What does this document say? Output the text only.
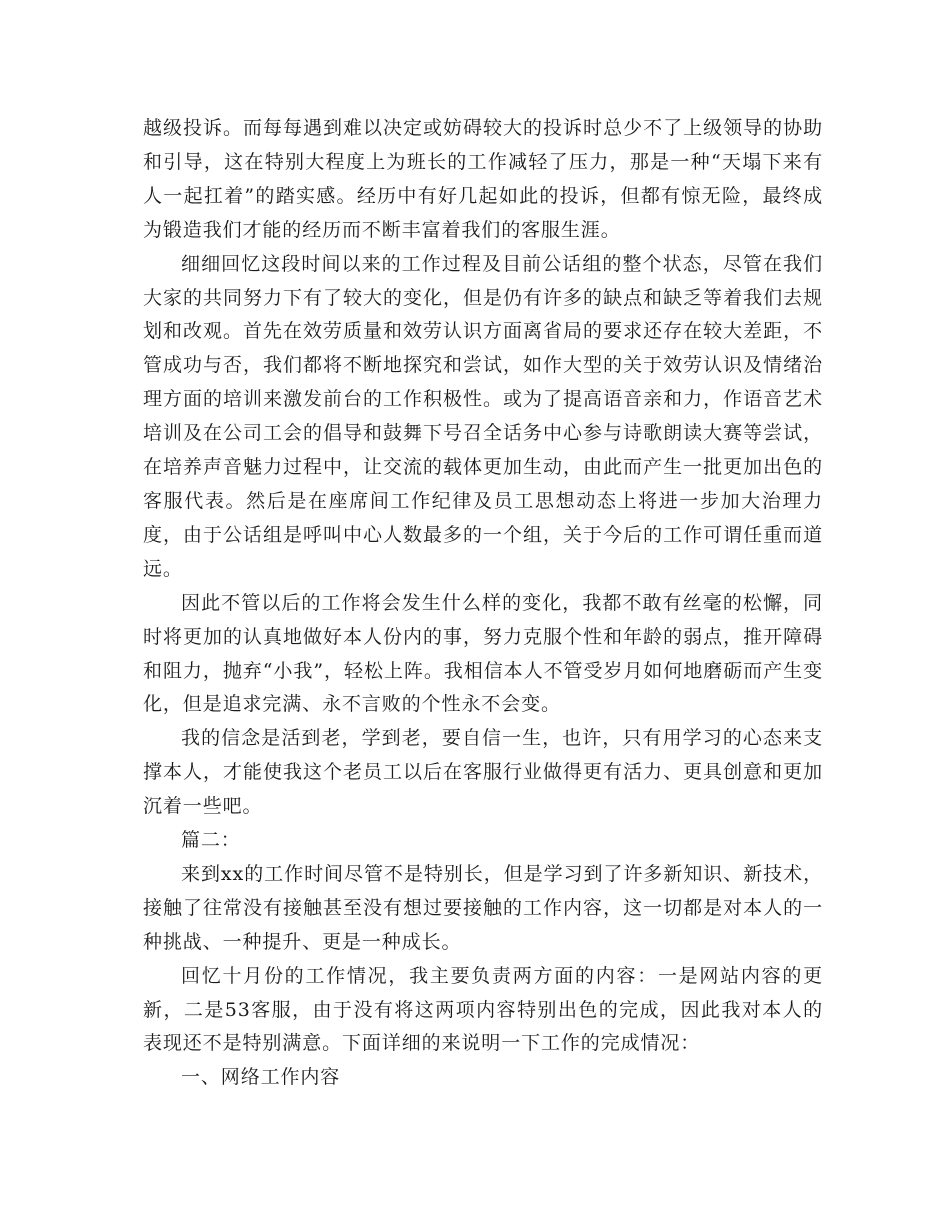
越级投诉。而每每遇到难以决定或妨碍较大的投诉时总少不了上级领导的协助和引导，这在特别大程度上为班长的工作减轻了压力，那是一种“天塌下来有人一起扛着”的踏实感。经历中有好几起如此的投诉，但都有惊无险，最终成为锻造我们才能的经历而不断丰富着我们的客服生涯。

细细回忆这段时间以来的工作过程及目前公话组的整个状态，尽管在我们大家的共同努力下有了较大的变化，但是仍有许多的缺点和缺乏等着我们去规划和改观。首先在效劳质量和效劳认识方面离省局的要求还存在较大差距，不管成功与否，我们都将不断地探究和尝试，如作大型的关于效劳认识及情绪治理方面的培训来激发前台的工作积极性。或为了提高语音亲和力，作语音艺术培训及在公司工会的倡导和鼓舞下号召全话务中心参与诗歌朗读大赛等尝试，在培养声音魅力过程中，让交流的载体更加生动，由此而产生一批更加出色的客服代表。然后是在座席间工作纪律及员工思想动态上将进一步加大治理力度，由于公话组是呼叫中心人数最多的一个组，关于今后的工作可谓任重而道远。

因此不管以后的工作将会发生什么样的变化，我都不敢有丝毫的松懈，同时将更加的认真地做好本人份内的事，努力克服个性和年龄的弱点，推开障碍和阻力，抛弃“小我”，轻松上阵。我相信本人不管受岁月如何地磨砺而产生变化，但是追求完满、永不言败的个性永不会变。

我的信念是活到老，学到老，要自信一生，也许，只有用学习的心态来支撑本人，才能使我这个老员工以后在客服行业做得更有活力、更具创意和更加沉着一些吧。

篇二：

来到xx的工作时间尽管不是特别长，但是学习到了许多新知识、新技术，接触了往常没有接触甚至没有想过要接触的工作内容，这一切都是对本人的一种挑战、一种提升、更是一种成长。

回忆十月份的工作情况，我主要负责两方面的内容：一是网站内容的更新，二是53客服，由于没有将这两项内容特别出色的完成，因此我对本人的表现还不是特别满意。下面详细的来说明一下工作的完成情况：

一、网络工作内容
